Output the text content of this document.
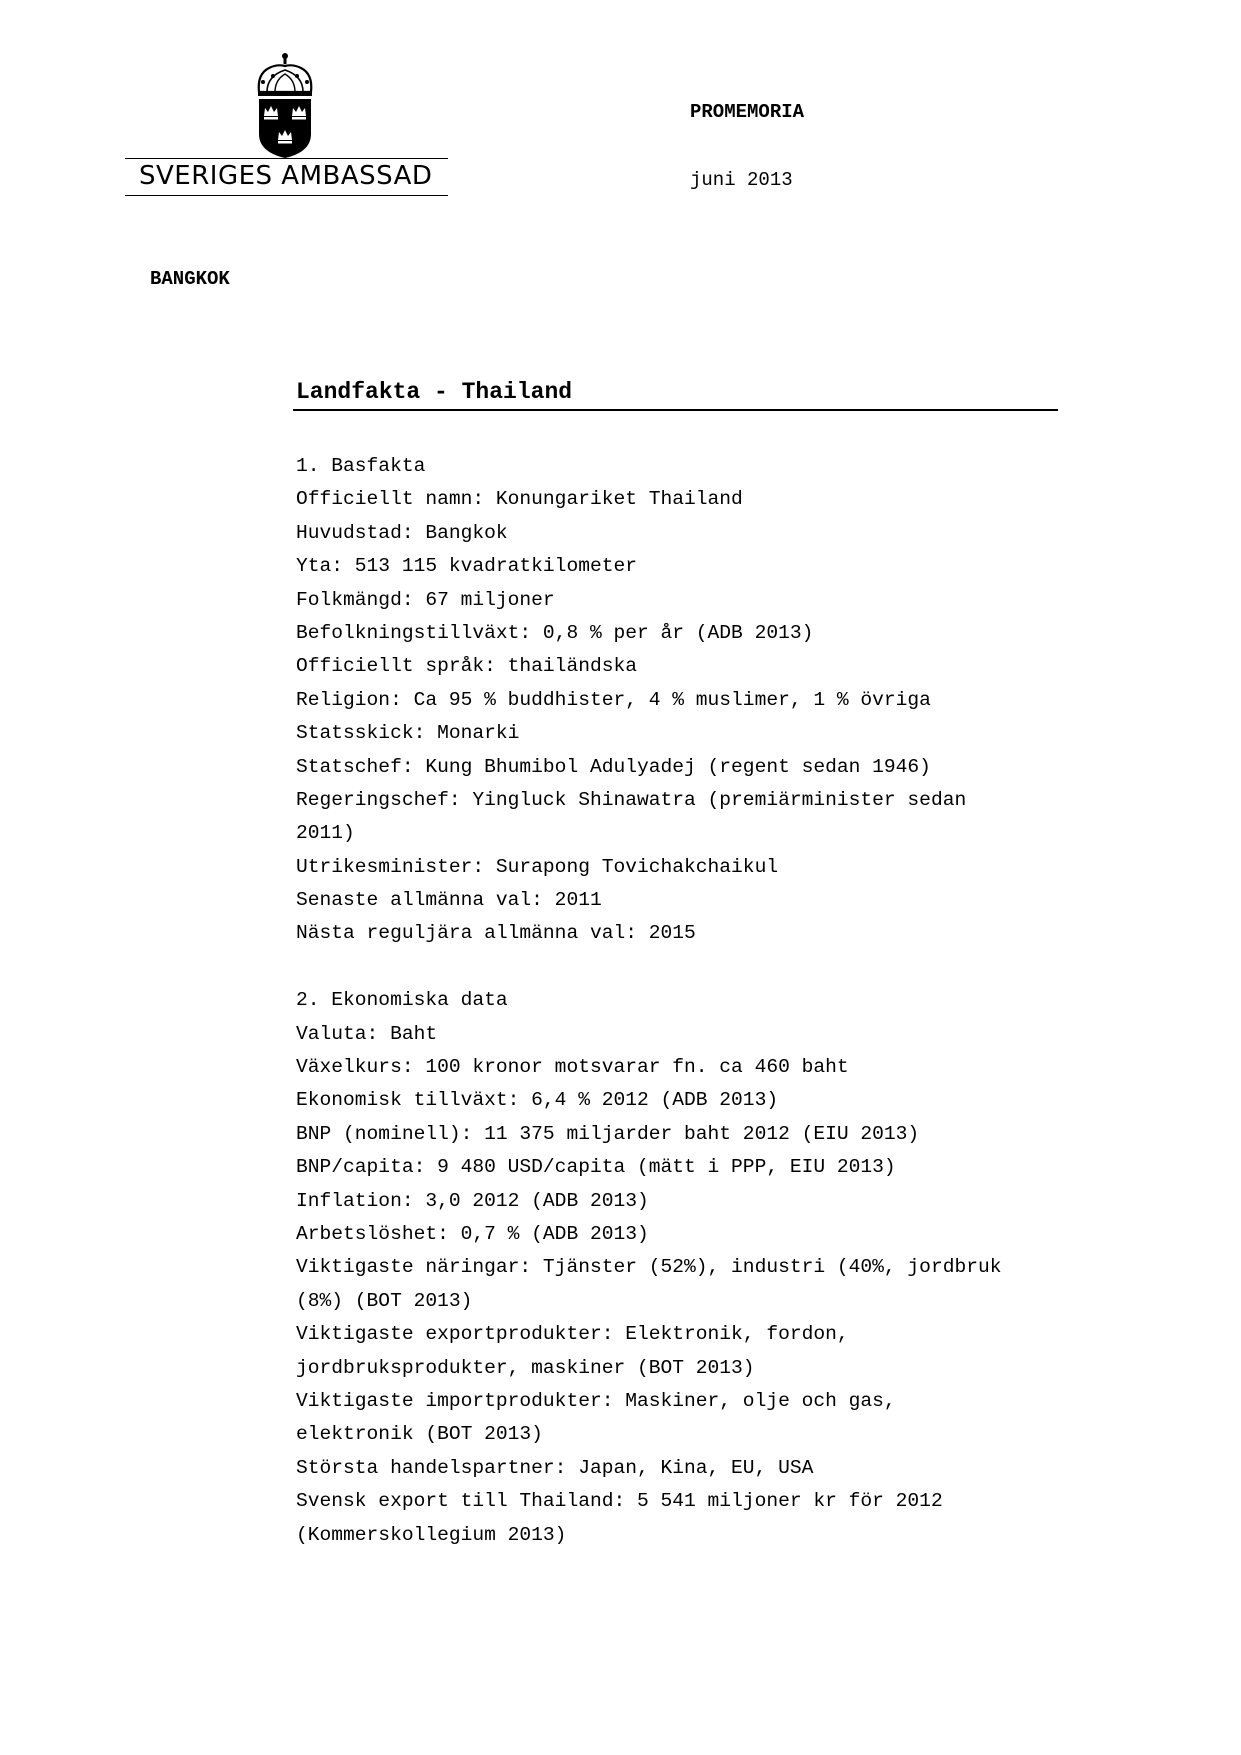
SVERIGES AMBASSAD
PROMEMORIA
juni 2013
BANGKOK
Landfakta - Thailand
1. Basfakta
Officiellt namn: Konungariket Thailand
Huvudstad: Bangkok
Yta: 513 115 kvadratkilometer
Folkmängd: 67 miljoner
Befolkningstillväxt: 0,8 % per år (ADB 2013)
Officiellt språk: thailändska
Religion: Ca 95 % buddhister, 4 % muslimer, 1 % övriga
Statsskick: Monarki
Statschef: Kung Bhumibol Adulyadej (regent sedan 1946)
Regeringschef: Yingluck Shinawatra (premiärminister sedan
2011)
Utrikesminister: Surapong Tovichakchaikul
Senaste allmänna val: 2011
Nästa reguljära allmänna val: 2015
2. Ekonomiska data
Valuta: Baht
Växelkurs: 100 kronor motsvarar fn. ca 460 baht
Ekonomisk tillväxt: 6,4 % 2012 (ADB 2013)
BNP (nominell): 11 375 miljarder baht 2012 (EIU 2013)
BNP/capita: 9 480 USD/capita (mätt i PPP, EIU 2013)
Inflation: 3,0 2012 (ADB 2013)
Arbetslöshet: 0,7 % (ADB 2013)
Viktigaste näringar: Tjänster (52%), industri (40%, jordbruk
(8%) (BOT 2013)
Viktigaste exportprodukter: Elektronik, fordon,
jordbruksprodukter, maskiner (BOT 2013)
Viktigaste importprodukter: Maskiner, olje och gas,
elektronik (BOT 2013)
Största handelspartner: Japan, Kina, EU, USA
Svensk export till Thailand: 5 541 miljoner kr för 2012
(Kommerskollegium 2013)
